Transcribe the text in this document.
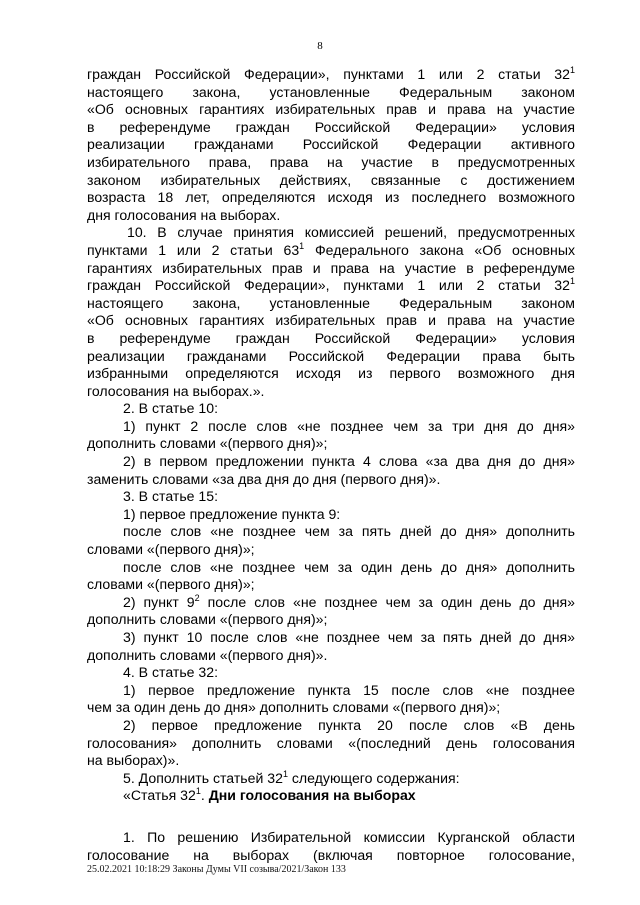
8
граждан Российской Федерации», пунктами 1 или 2 статьи $32^1$
настоящего закона, установленные Федеральным законом
«Об основных гарантиях избирательных прав и права на участие
в референдуме граждан Российской Федерации» условия
реализации гражданами Российской Федерации активного
избирательного права, права на участие в предусмотренных
законом избирательных действиях, связанные с достижением
возраста 18 лет, определяются исходя из последнего возможного
дня голосования на выборах.
10. В случае принятия комиссией решений, предусмотренных
пунктами 1 или 2 статьи $63^1$ Федерального закона «Об основных
гарантиях избирательных прав и права на участие в референдуме
граждан Российской Федерации», пунктами 1 или 2 статьи $32^1$
настоящего закона, установленные Федеральным законом
«Об основных гарантиях избирательных прав и права на участие
в референдуме граждан Российской Федерации» условия
реализации гражданами Российской Федерации права быть
избранными определяются исходя из первого возможного дня
голосования на выборах.».
2. В статье 10:
1) пункт 2 после слов «не позднее чем за три дня до дня»
дополнить словами «(первого дня)»;
2) в первом предложении пункта 4 слова «за два дня до дня»
заменить словами «за два дня до дня (первого дня)».
3. В статье 15:
1) первое предложение пункта 9:
после слов «не позднее чем за пять дней до дня» дополнить
словами «(первого дня)»;
после слов «не позднее чем за один день до дня» дополнить
словами «(первого дня)»;
2) пункт $9^2$ после слов «не позднее чем за один день до дня»
дополнить словами «(первого дня)»;
3) пункт 10 после слов «не позднее чем за пять дней до дня»
дополнить словами «(первого дня)».
4. В статье 32:
1) первое предложение пункта 15 после слов «не позднее
чем за один день до дня» дополнить словами «(первого дня)»;
2) первое предложение пункта 20 после слов «В день
голосования» дополнить словами «(последний день голосования
на выборах)».
5. Дополнить статьей $32^1$ следующего содержания:
«Статья $32^1$. Дни голосования на выборах
1. По решению Избирательной комиссии Курганской области
голосование на выборах (включая повторное голосование,
25.02.2021 10:18:29 Законы Думы VII созыва/2021/Закон 133
